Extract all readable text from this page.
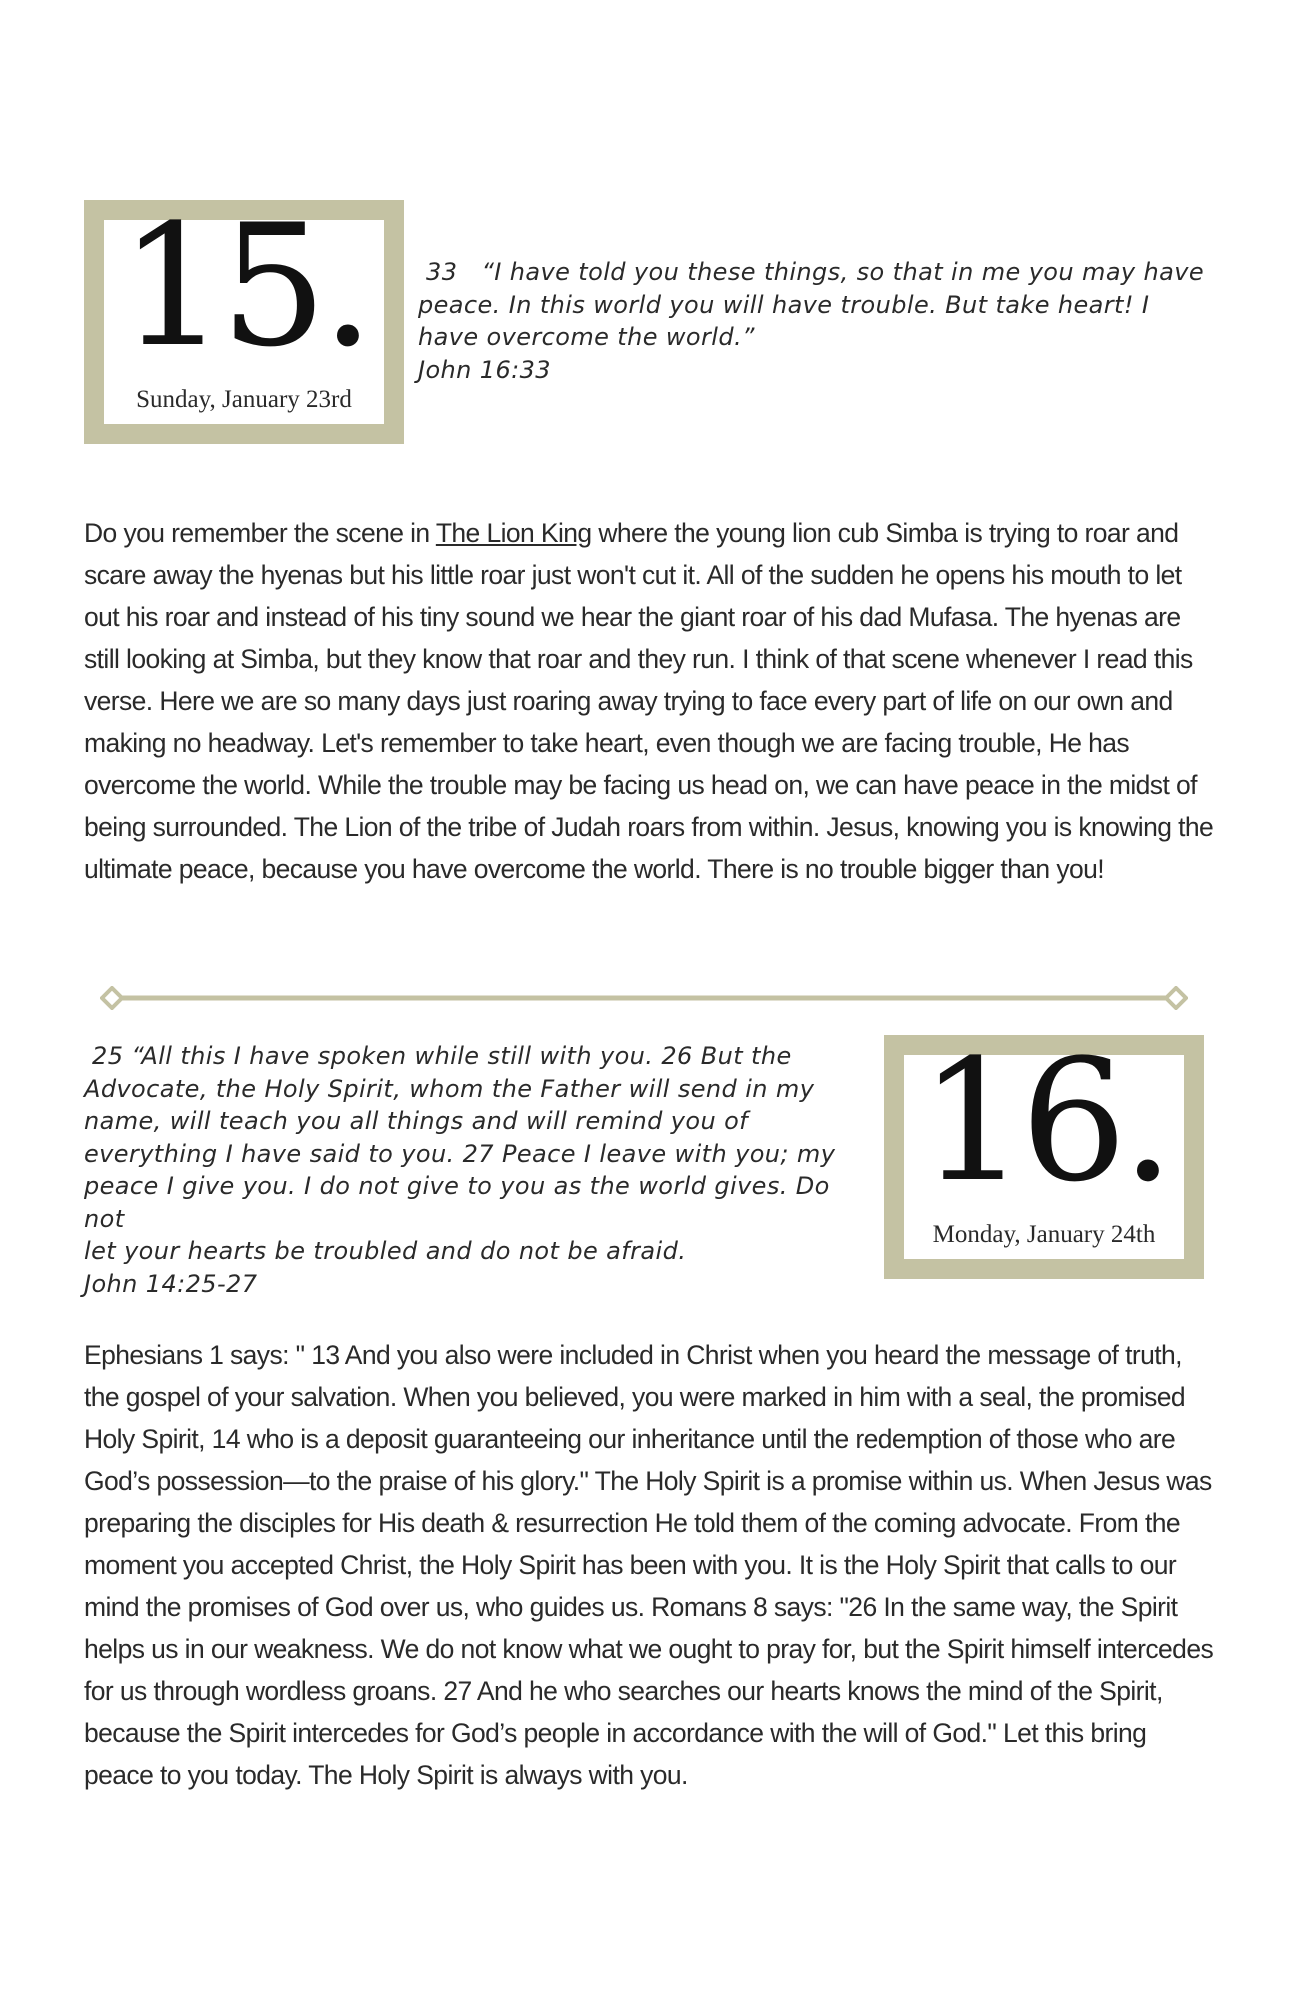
15.
Sunday, January 23rd

33   “I have told you these things, so that in me you may have

peace. In this world you will have trouble. But take heart! I

have overcome the world.”

John 16:33

Do you remember the scene in The Lion King where the young lion cub Simba is trying to roar and scare away the hyenas but his little roar just won't cut it. All of the sudden he opens his mouth to let out his roar and instead of his tiny sound we hear the giant roar of his dad Mufasa. The hyenas are still looking at Simba, but they know that roar and they run. I think of that scene whenever I read this verse. Here we are so many days just roaring away trying to face every part of life on our own and making no headway. Let's remember to take heart, even though we are facing trouble, He has overcome the world. While the trouble may be facing us head on, we can have peace in the midst of being surrounded. The Lion of the tribe of Judah roars from within. Jesus, knowing you is knowing the ultimate peace, because you have overcome the world. There is no trouble bigger than you!

25 “All this I have spoken while still with you. 26 But the

Advocate, the Holy Spirit, whom the Father will send in my

name, will teach you all things and will remind you of

everything I have said to you. 27 Peace I leave with you; my

peace I give you. I do not give to you as the world gives. Do not

let your hearts be troubled and do not be afraid.

John 14:25-27

16.
Monday, January 24th

Ephesians 1 says: " 13 And you also were included in Christ when you heard the message of truth, the gospel of your salvation. When you believed, you were marked in him with a seal, the promised Holy Spirit, 14 who is a deposit guaranteeing our inheritance until the redemption of those who are God’s possession—to the praise of his glory." The Holy Spirit is a promise within us. When Jesus was preparing the disciples for His death & resurrection He told them of the coming advocate. From the moment you accepted Christ, the Holy Spirit has been with you. It is the Holy Spirit that calls to our mind the promises of God over us, who guides us. Romans 8 says: "26 In the same way, the Spirit helps us in our weakness. We do not know what we ought to pray for, but the Spirit himself intercedes for us through wordless groans. 27 And he who searches our hearts knows the mind of the Spirit, because the Spirit intercedes for God’s people in accordance with the will of God." Let this bring peace to you today. The Holy Spirit is always with you.
